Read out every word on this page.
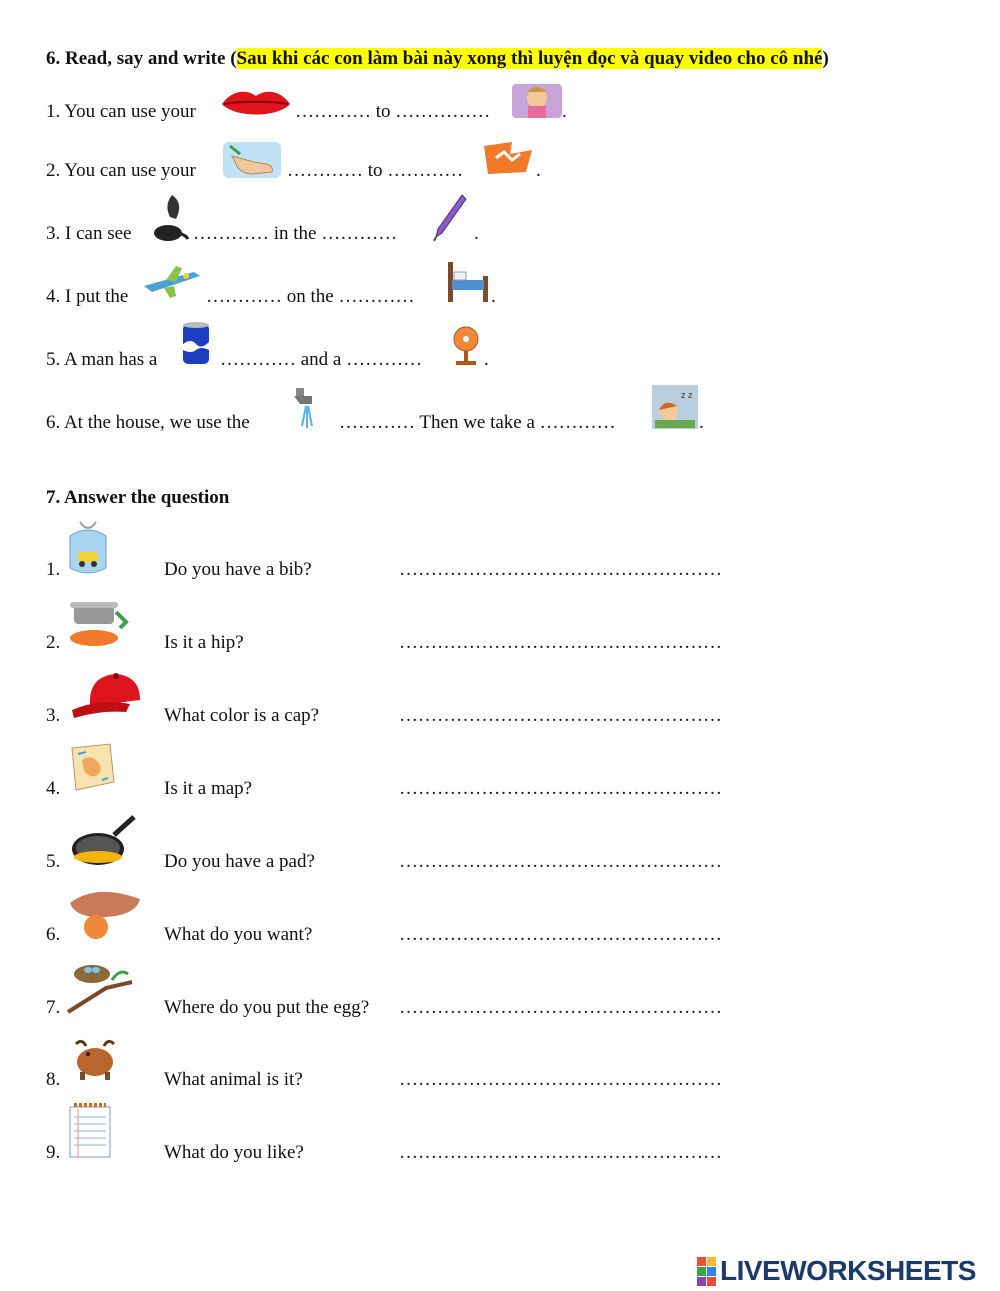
6. Read, say and write (Sau khi các con làm bài này xong thì luyện đọc và quay video cho cô nhé)
1. You can use your	………… to ……………	.
2. You can use your	………… to …………	.
3. I can see	………… in the …………	.
4. I put the	………… on the …………	.
5. A man has a	………… and a …………	.
6. At the house, we use the	………… Then we take a …………
z z
.
7. Answer the question
1.	Do you have a bib?	……………………………………………
2.	Is it a hip?	……………………………………………
3.	What color is a cap?	……………………………………………
4.	Is it a map?	……………………………………………
5.	Do you have a pad?	……………………………………………
6.	What do you want?	……………………………………………
7.	Where do you put the egg? ……………………………………………
8.	What animal is it?	……………………………………………
9.	What do you like?	……………………………………………
LIVEWORKSHEETS
